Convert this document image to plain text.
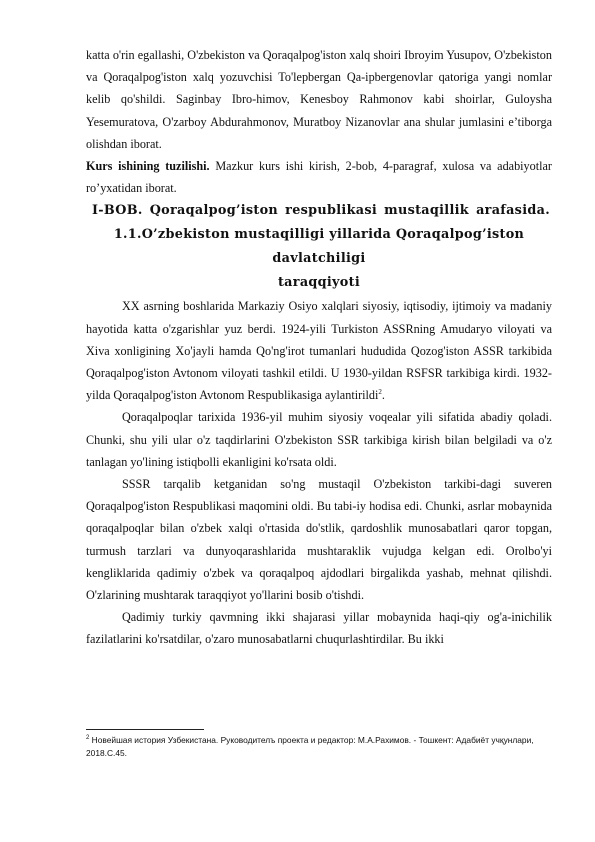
katta o'rin egallashi, O'zbekiston va Qoraqalpog'iston xalq shoiri Ibroyim Yusupov, O'zbekiston va Qoraqalpog'iston xalq yozuvchisi To'lepbergan Qa-ipbergenovlar qatoriga yangi nomlar kelib qo'shildi. Saginbay Ibro-himov, Kenesboy Rahmonov kabi shoirlar, Guloysha Yesemuratova, O'zarboy Abdurahmonov, Muratboy Nizanovlar ana shular jumlasini e’tiborga olishdan iborat.

Kurs ishining tuzilishi. Mazkur kurs ishi kirish, 2-bob, 4-paragraf, xulosa va adabiyotlar ro’yxatidan iborat.

I-BOB. Qoraqalpog’iston respublikasi mustaqillik arafasida.
1.1.O’zbekiston mustaqilligi yillarida Qoraqalpog’iston davlatchiligi
taraqqiyoti

XX asrning boshlarida Markaziy Osiyo xalqlari siyosiy, iqtisodiy, ijtimoiy va madaniy hayotida katta o'zgarishlar yuz berdi. 1924-yili Turkiston ASSRning Amudaryo viloyati va Xiva xonligining Xo'jayli hamda Qo'ng'irot tumanlari hududida Qozog'iston ASSR tarkibida Qoraqalpog'iston Avtonom viloyati tashkil etildi. U 1930-yildan RSFSR tarkibiga kirdi. 1932-yilda Qoraqalpog'iston Avtonom Respublikasiga aylantirildi$^2$.

Qoraqalpoqlar tarixida 1936-yil muhim siyosiy voqealar yili sifatida abadiy qoladi. Chunki, shu yili ular o'z taqdirlarini O'zbekiston SSR tarkibiga kirish bilan belgiladi va o'z tanlagan yo'lining istiqbolli ekanligini ko'rsata oldi.

SSSR tarqalib ketganidan so'ng mustaqil O'zbekiston tarkibi-dagi suveren Qoraqalpog'iston Respublikasi maqomini oldi. Bu tabi-iy hodisa edi. Chunki, asrlar mobaynida qoraqalpoqlar bilan o'zbek xalqi o'rtasida do'stlik, qardoshlik munosabatlari qaror topgan, turmush tarzlari va dunyoqarashlarida mushtaraklik vujudga kelgan edi. Orolbo'yi kengliklarida qadimiy o'zbek va qoraqalpoq ajdodlari birgalikda yashab, mehnat qilishdi. O'zlarining mushtarak taraqqiyot yo'llarini bosib o'tishdi.

Qadimiy turkiy qavmning ikki shajarasi yillar mobaynida haqi-qiy og'a-inichilik fazilatlarini ko'rsatdilar, o'zaro munosabatlarni chuqurlashtirdilar. Bu ikki

$^2$ Новейшая история Узбекистана. Руководителъ проекта и редактор: М.А.Рахимов. - Тошкент: Адабиёт учқунлари, 2018.С.45.
